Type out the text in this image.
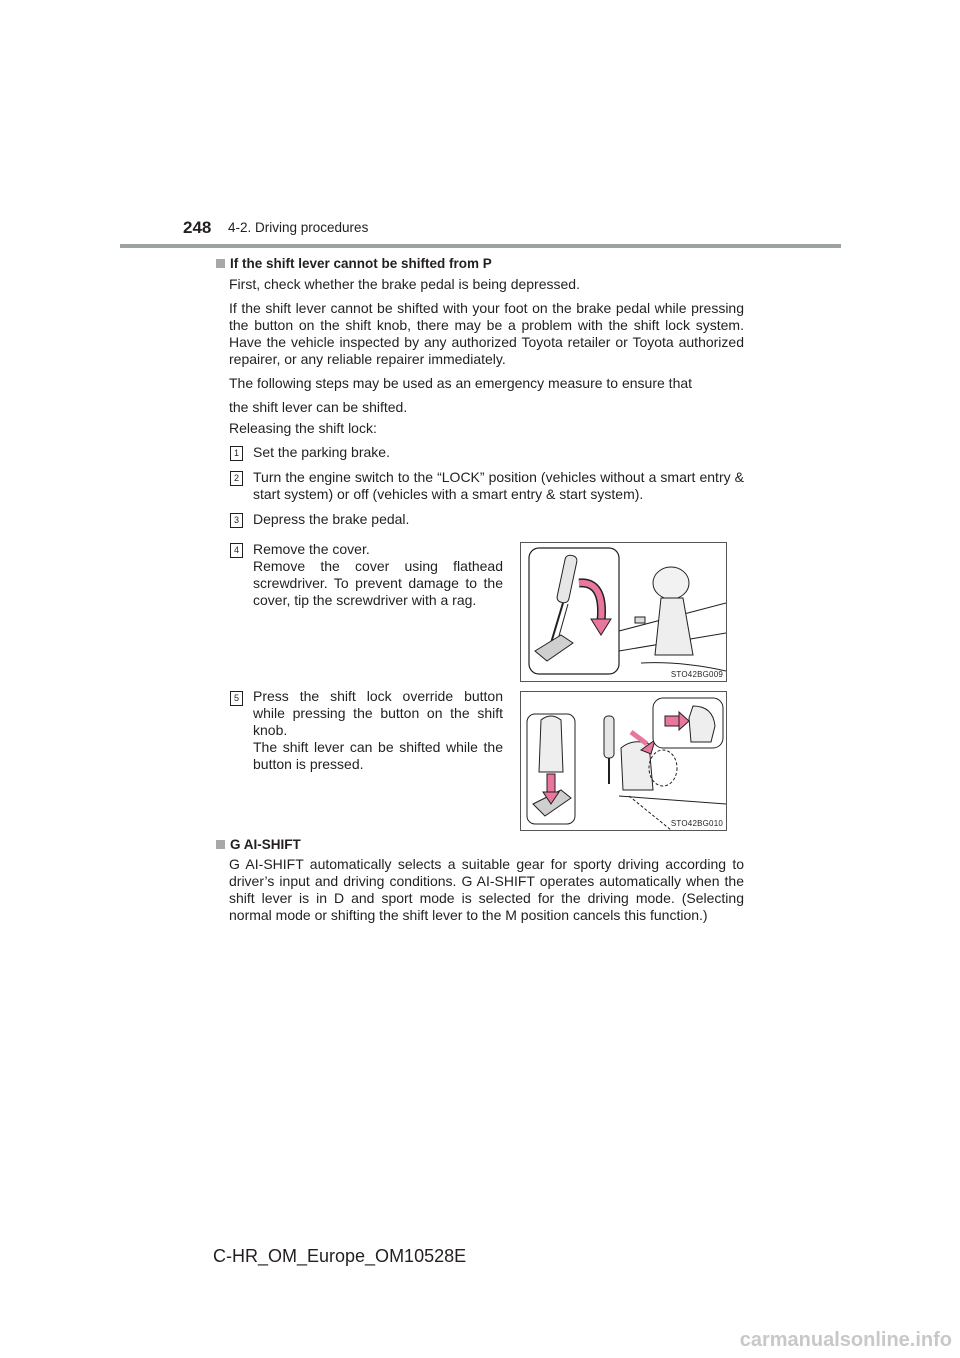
248 4-2. Driving procedures
If the shift lever cannot be shifted from P
First, check whether the brake pedal is being depressed.
If the shift lever cannot be shifted with your foot on the brake pedal while pressing the button on the shift knob, there may be a problem with the shift lock system. Have the vehicle inspected by any authorized Toyota retailer or Toyota authorized repairer, or any reliable repairer immediately.
The following steps may be used as an emergency measure to ensure that
the shift lever can be shifted.
Releasing the shift lock:
1 Set the parking brake.
2 Turn the engine switch to the “LOCK” position (vehicles without a smart entry & start system) or off (vehicles with a smart entry & start system).
3 Depress the brake pedal.
4 Remove the cover.
Remove the cover using flathead screwdriver. To prevent damage to the cover, tip the screwdriver with a rag.
STO42BG009
5 Press the shift lock override button while pressing the button on the shift knob.
The shift lever can be shifted while the button is pressed.
STO42BG010
G AI-SHIFT
G AI-SHIFT automatically selects a suitable gear for sporty driving according to driver’s input and driving conditions. G AI-SHIFT operates automatically when the shift lever is in D and sport mode is selected for the driving mode. (Selecting normal mode or shifting the shift lever to the M position cancels this function.)
C-HR_OM_Europe_OM10528E
carmanualsonline.info
